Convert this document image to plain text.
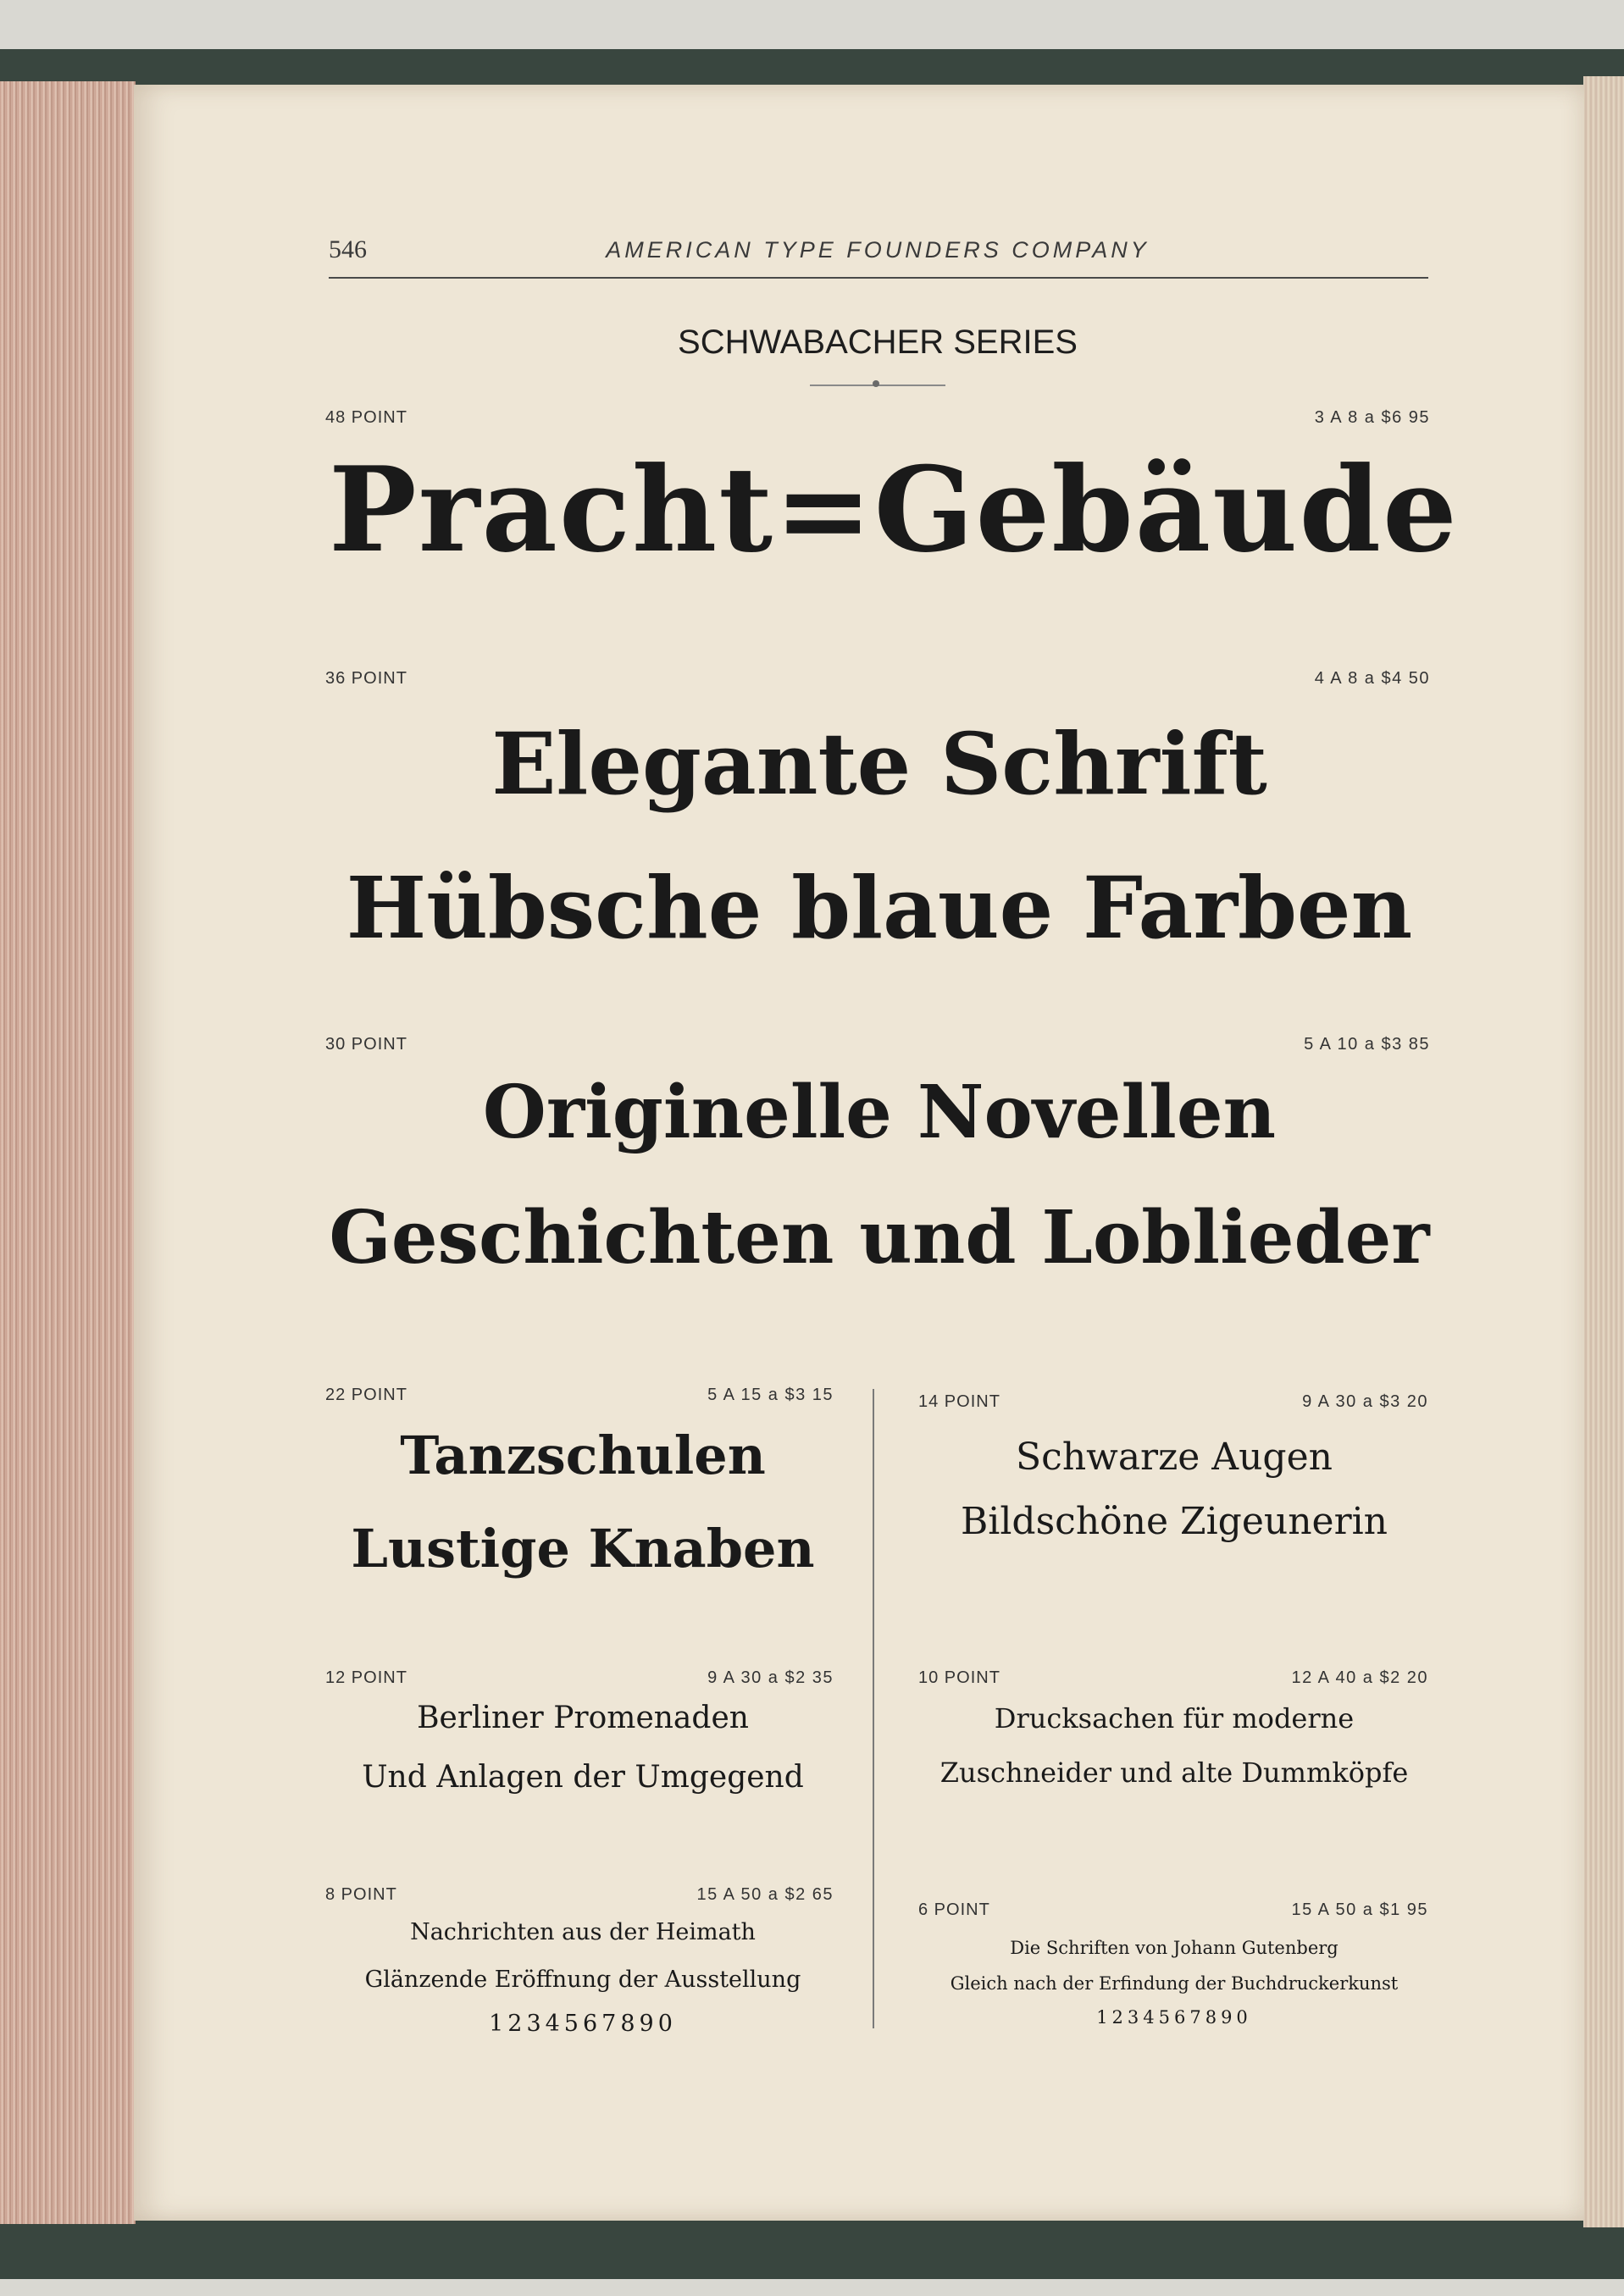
546	AMERICAN TYPE FOUNDERS COMPANY
SCHWABACHER SERIES
48 POINT	3 A 8 a $6 95
Pracht=Gebäude
36 POINT	4 A 8 a $4 50
Elegante Schrift
Hübsche blaue Farben
30 POINT	5 A 10 a $3 85
Originelle Novellen
Geschichten und Loblieder
22 POINT	5 A 15 a $3 15
Tanzschulen
Lustige Knaben
12 POINT	9 A 30 a $2 35
Berliner Promenaden
Und Anlagen der Umgegend
8 POINT	15 A 50 a $2 65
Nachrichten aus der Heimath
Glänzende Eröffnung der Ausstellung
1234567890
14 POINT	9 A 30 a $3 20
Schwarze Augen
Bildschöne Zigeunerin
10 POINT	12 A 40 a $2 20
Drucksachen für moderne
Zuschneider und alte Dummköpfe
6 POINT	15 A 50 a $1 95
Die Schriften von Johann Gutenberg
Gleich nach der Erfindung der Buchdruckerkunst
1234567890
